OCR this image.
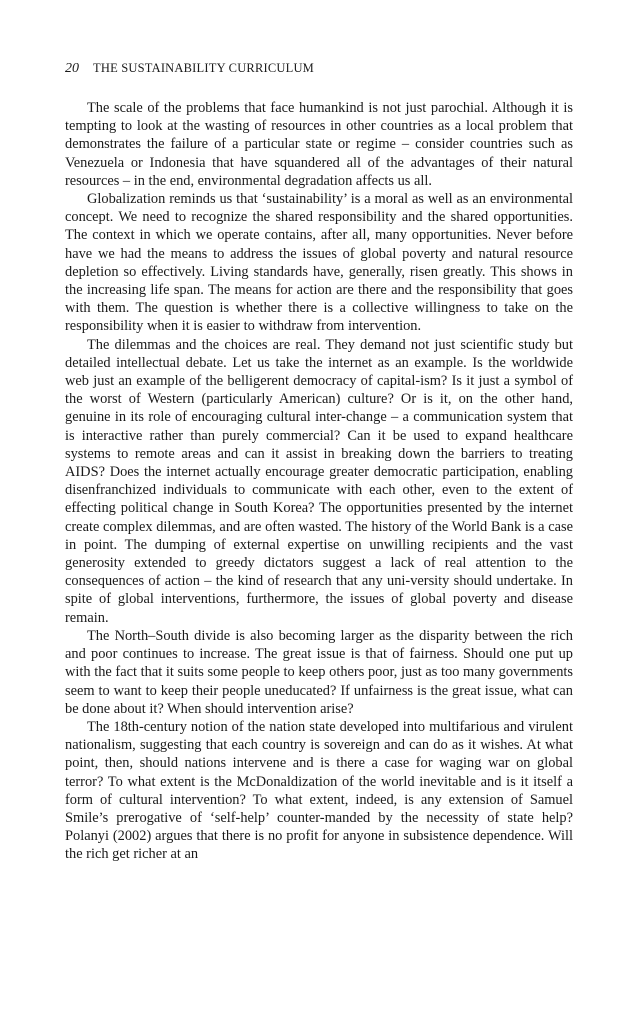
20 THE SUSTAINABILITY CURRICULUM

The scale of the problems that face humankind is not just parochial. Although it is tempting to look at the wasting of resources in other countries as a local problem that demonstrates the failure of a particular state or regime – consider countries such as Venezuela or Indonesia that have squandered all of the advantages of their natural resources – in the end, environmental degradation affects us all.

Globalization reminds us that ‘sustainability’ is a moral as well as an environmental concept. We need to recognize the shared responsibility and the shared opportunities. The context in which we operate contains, after all, many opportunities. Never before have we had the means to address the issues of global poverty and natural resource depletion so effectively. Living standards have, generally, risen greatly. This shows in the increasing life span. The means for action are there and the responsibility that goes with them. The question is whether there is a collective willingness to take on the responsibility when it is easier to withdraw from intervention.

The dilemmas and the choices are real. They demand not just scientific study but detailed intellectual debate. Let us take the internet as an example. Is the worldwide web just an example of the belligerent democracy of capital-ism? Is it just a symbol of the worst of Western (particularly American) culture? Or is it, on the other hand, genuine in its role of encouraging cultural inter-change – a communication system that is interactive rather than purely commercial? Can it be used to expand healthcare systems to remote areas and can it assist in breaking down the barriers to treating AIDS? Does the internet actually encourage greater democratic participation, enabling disenfranchized individuals to communicate with each other, even to the extent of effecting political change in South Korea? The opportunities presented by the internet create complex dilemmas, and are often wasted. The history of the World Bank is a case in point. The dumping of external expertise on unwilling recipients and the vast generosity extended to greedy dictators suggest a lack of real attention to the consequences of action – the kind of research that any uni-versity should undertake. In spite of global interventions, furthermore, the issues of global poverty and disease remain.

The North–South divide is also becoming larger as the disparity between the rich and poor continues to increase. The great issue is that of fairness. Should one put up with the fact that it suits some people to keep others poor, just as too many governments seem to want to keep their people uneducated? If unfairness is the great issue, what can be done about it? When should intervention arise?

The 18th-century notion of the nation state developed into multifarious and virulent nationalism, suggesting that each country is sovereign and can do as it wishes. At what point, then, should nations intervene and is there a case for waging war on global terror? To what extent is the McDonaldization of the world inevitable and is it itself a form of cultural intervention? To what extent, indeed, is any extension of Samuel Smile’s prerogative of ‘self-help’ counter-manded by the necessity of state help? Polanyi (2002) argues that there is no profit for anyone in subsistence dependence. Will the rich get richer at an
